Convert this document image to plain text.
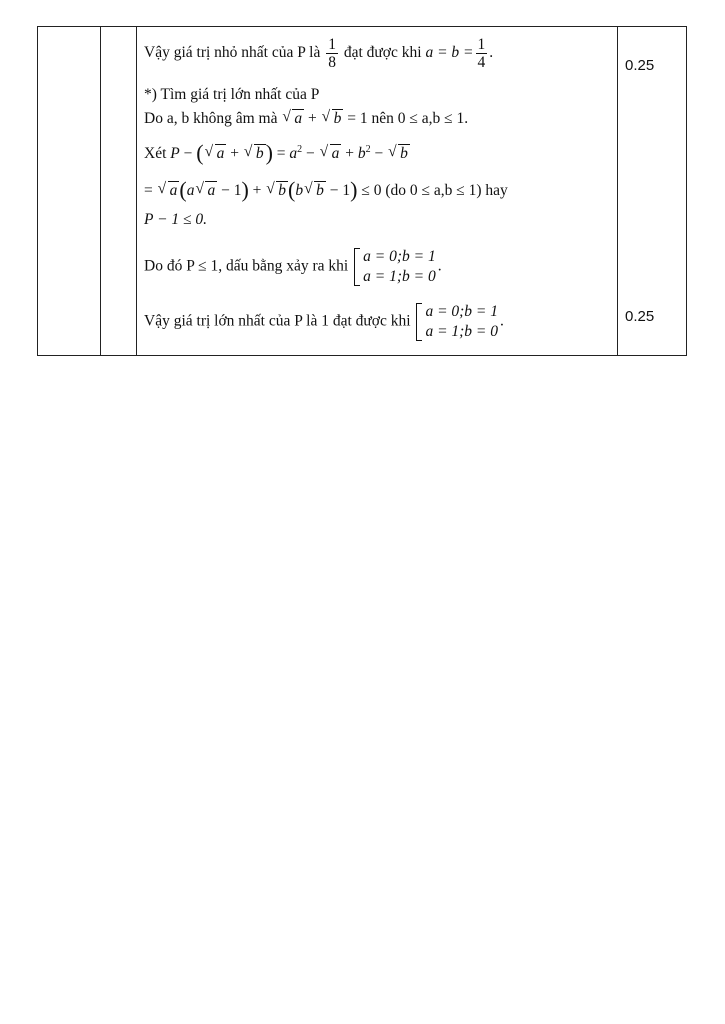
Vậy giá trị nhỏ nhất của P là $\frac{1}{8}$ đạt được khi $a = b = \frac{1}{4}$ .
*) Tìm giá trị lớn nhất của P
Do a, b không âm mà √ a + √ b = 1 nên 0 ≤ a,b ≤ 1.
Xét P − ( √ a + √ $b) = a^2$ − √ $a + b^2$ − √ b
= √ a(a √ a − 1) + √ b(b √ b − 1) ≤ 0 (do 0 ≤ a,b ≤ 1) hay
P − 1 ≤ 0.
Do đó P ≤ 1, dấu bằng xảy ra khi
a = 0;b = 1
a = 1;b = 0
.
Vậy giá trị lớn nhất của P là 1 đạt được khi
a = 0;b = 1
a = 1;b = 0
.
0.25
0.25
